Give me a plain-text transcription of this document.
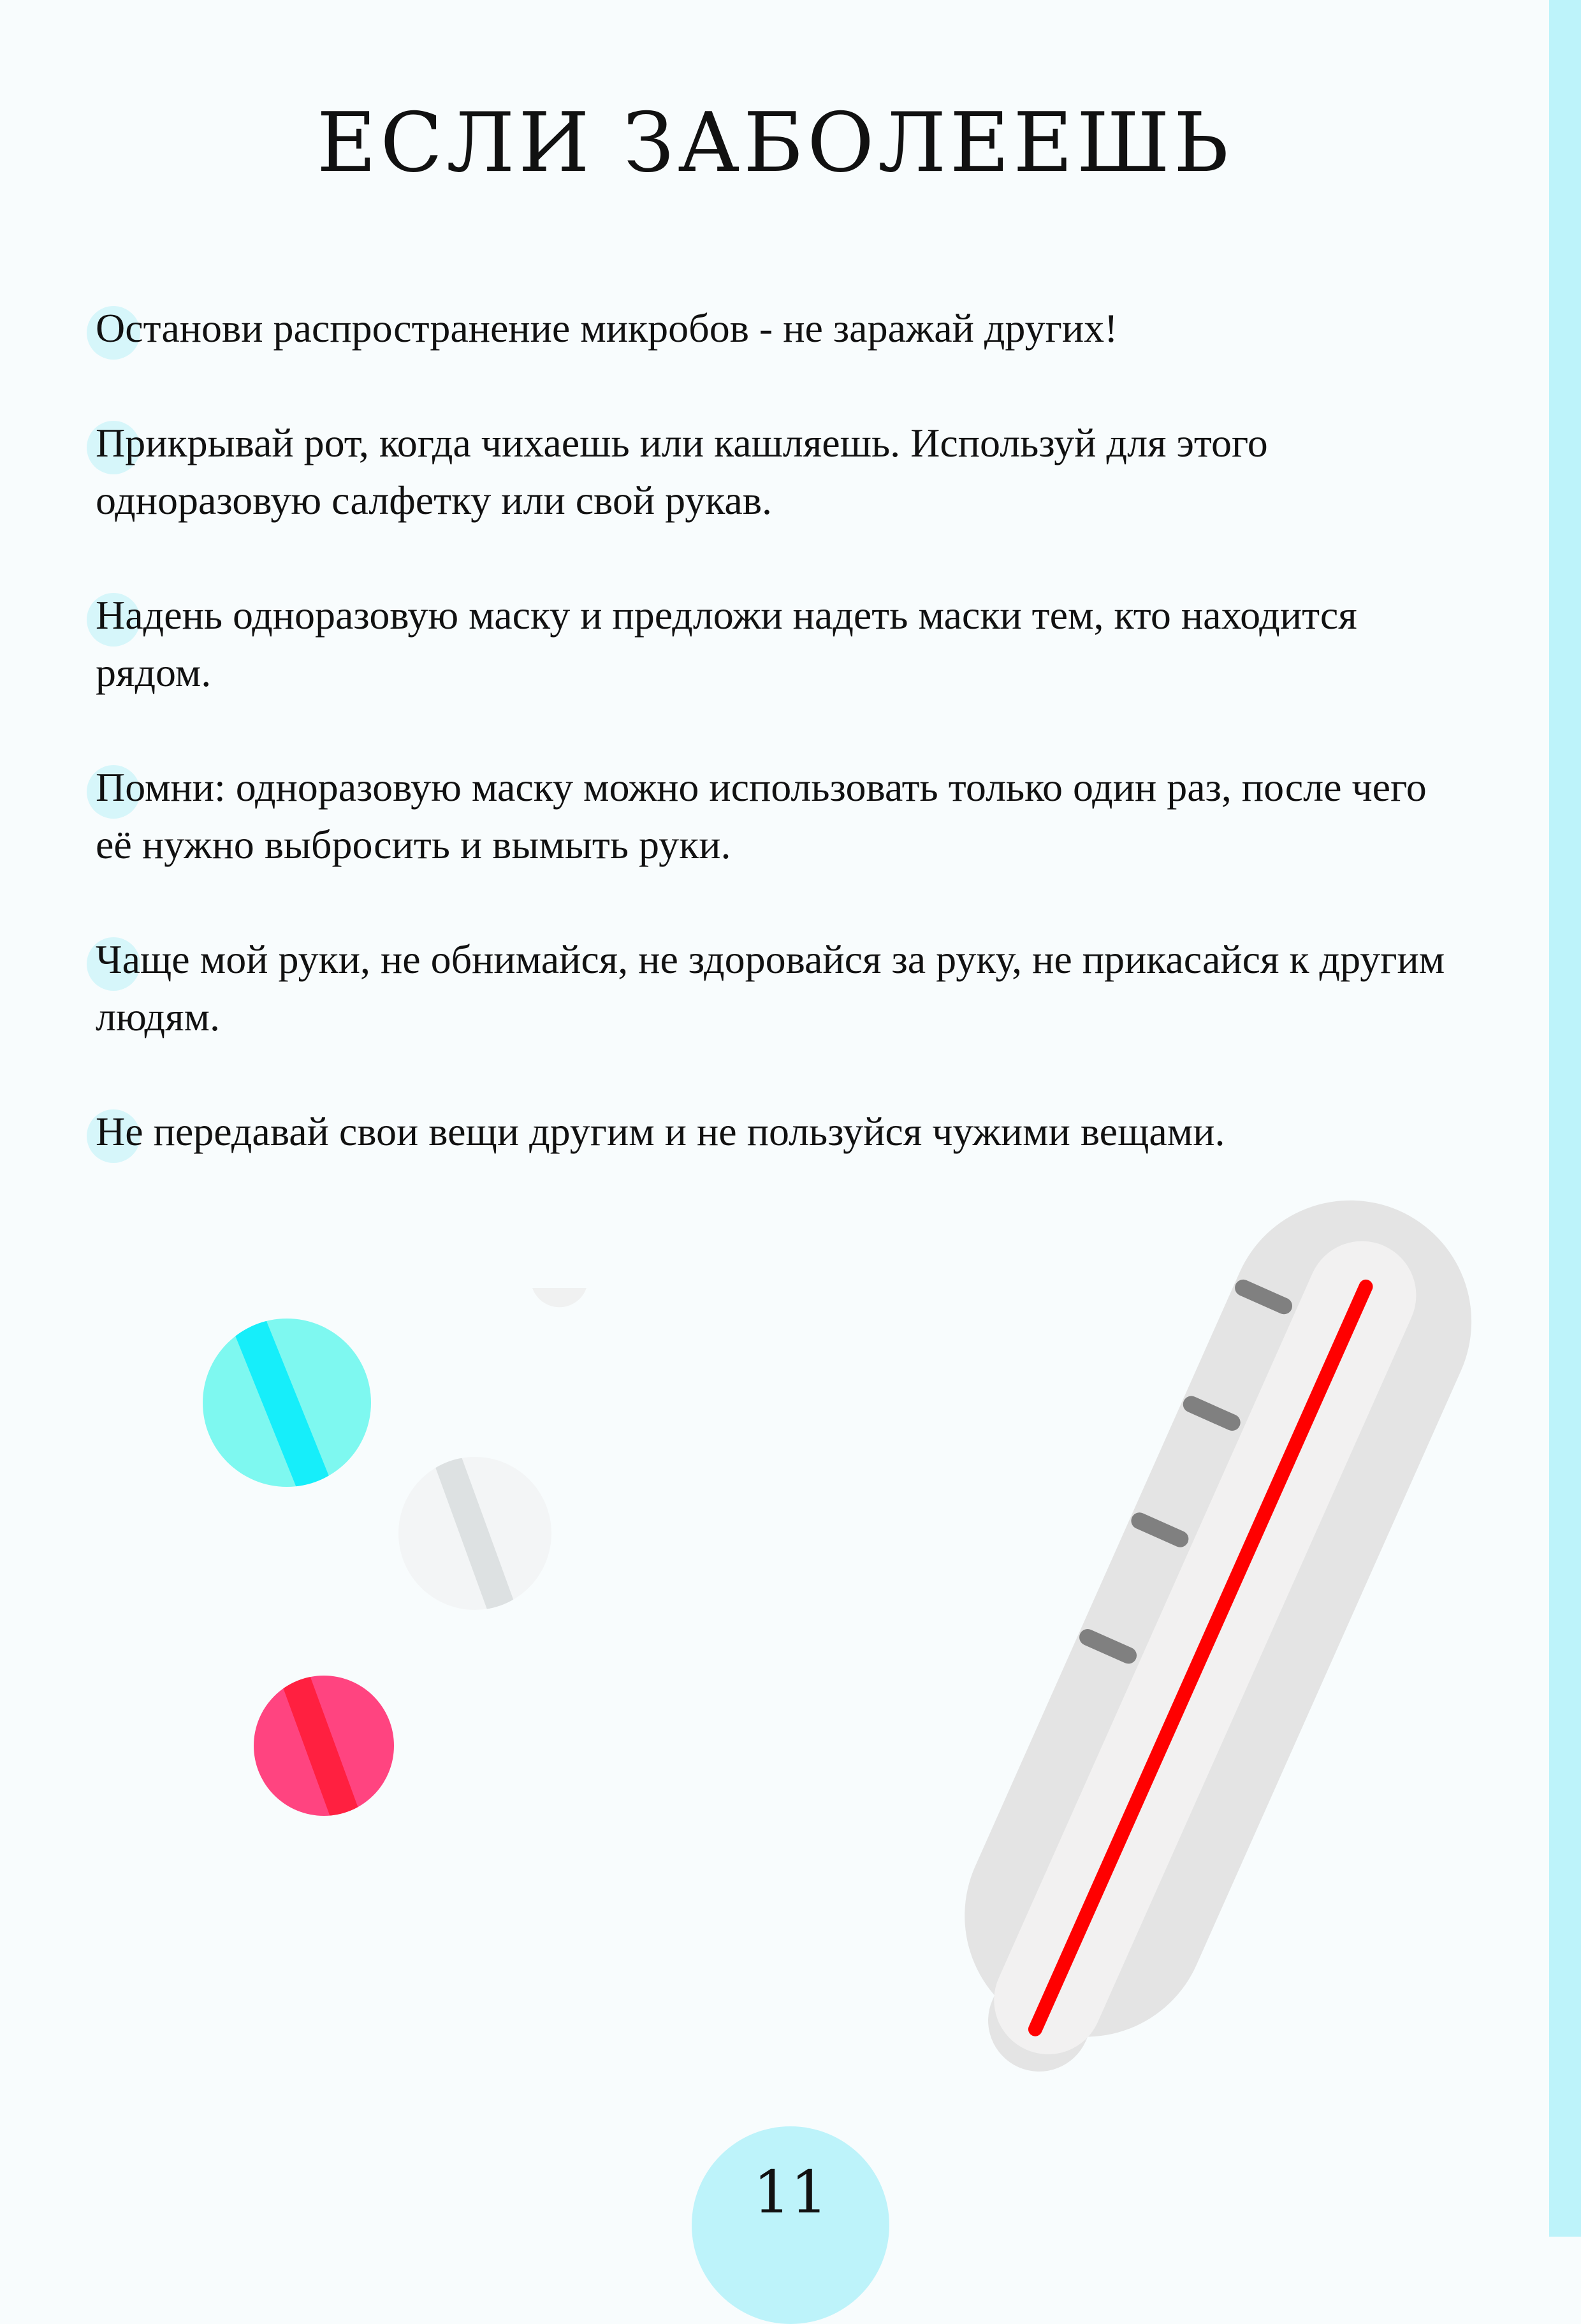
ЕСЛИ ЗАБОЛЕЕШЬ

Останови распространение микробов - не заражай других!

Прикрывай рот, когда чихаешь или кашляешь. Используй для этого одноразовую салфетку или свой рукав.

Надень одноразовую маску и предложи надеть маски тем, кто находится рядом.

Помни: одноразовую маску можно использовать только один раз, после чего её нужно выбросить и вымыть руки.

Чаще мой руки, не обнимайся, не здоровайся за руку, не прикасайся к другим людям.

Не передавай свои вещи другим и не пользуйся чужими вещами.

11
